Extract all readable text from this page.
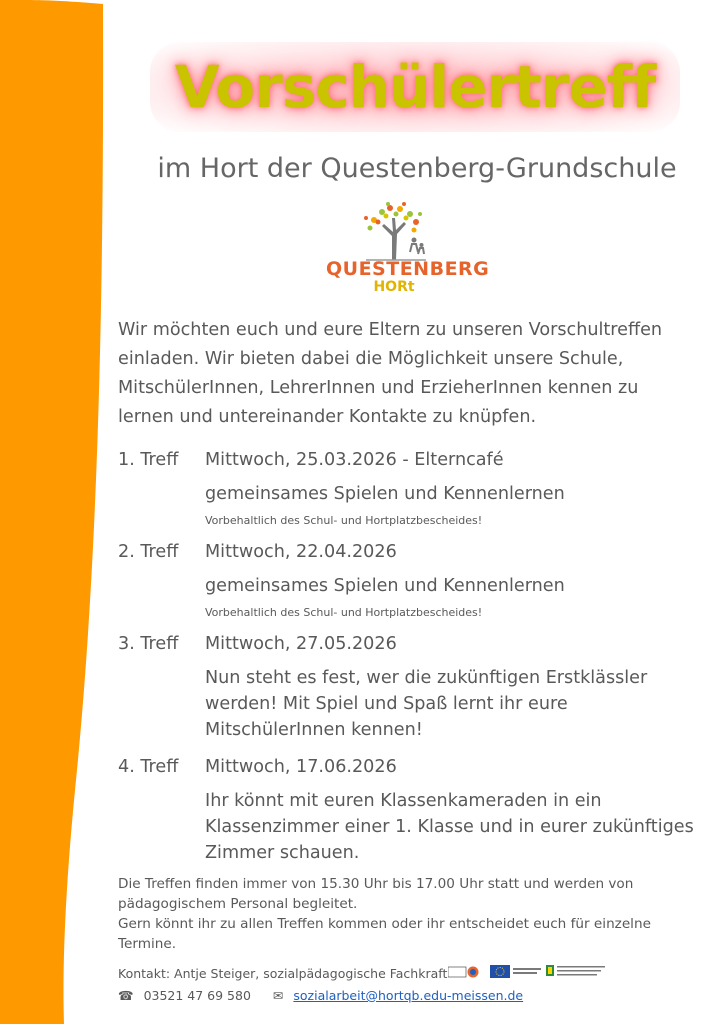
Vorschülertreff
im Hort der Questenberg-Grundschule
QUESTENBERG
HORt
Wir möchten euch und eure Eltern zu unseren Vorschultreffen einladen. Wir bieten dabei die Möglichkeit unsere Schule, MitschülerInnen, LehrerInnen und ErzieherInnen kennen zu lernen und untereinander Kontakte zu knüpfen.
1. Treff Mittwoch, 25.03.2026 - Elterncafé
gemeinsames Spielen und Kennenlernen
Vorbehaltlich des Schul- und Hortplatzbescheides!
2. Treff Mittwoch, 22.04.2026
gemeinsames Spielen und Kennenlernen
Vorbehaltlich des Schul- und Hortplatzbescheides!
3. Treff Mittwoch, 27.05.2026
Nun steht es fest, wer die zukünftigen Erstklässler werden! Mit Spiel und Spaß lernt ihr eure MitschülerInnen kennen!
4. Treff Mittwoch, 17.06.2026
Ihr könnt mit euren Klassenkameraden in ein Klassenzimmer einer 1. Klasse und in eurer zukünftiges Zimmer schauen.
Die Treffen finden immer von 15.30 Uhr bis 17.00 Uhr statt und werden von pädagogischem Personal begleitet.
Gern könnt ihr zu allen Treffen kommen oder ihr entscheidet euch für einzelne Termine.
Kontakt: Antje Steiger, sozialpädagogische Fachkraft
☎ 03521 47 69 580 ✉ sozialarbeit@hortqb.edu-meissen.de
